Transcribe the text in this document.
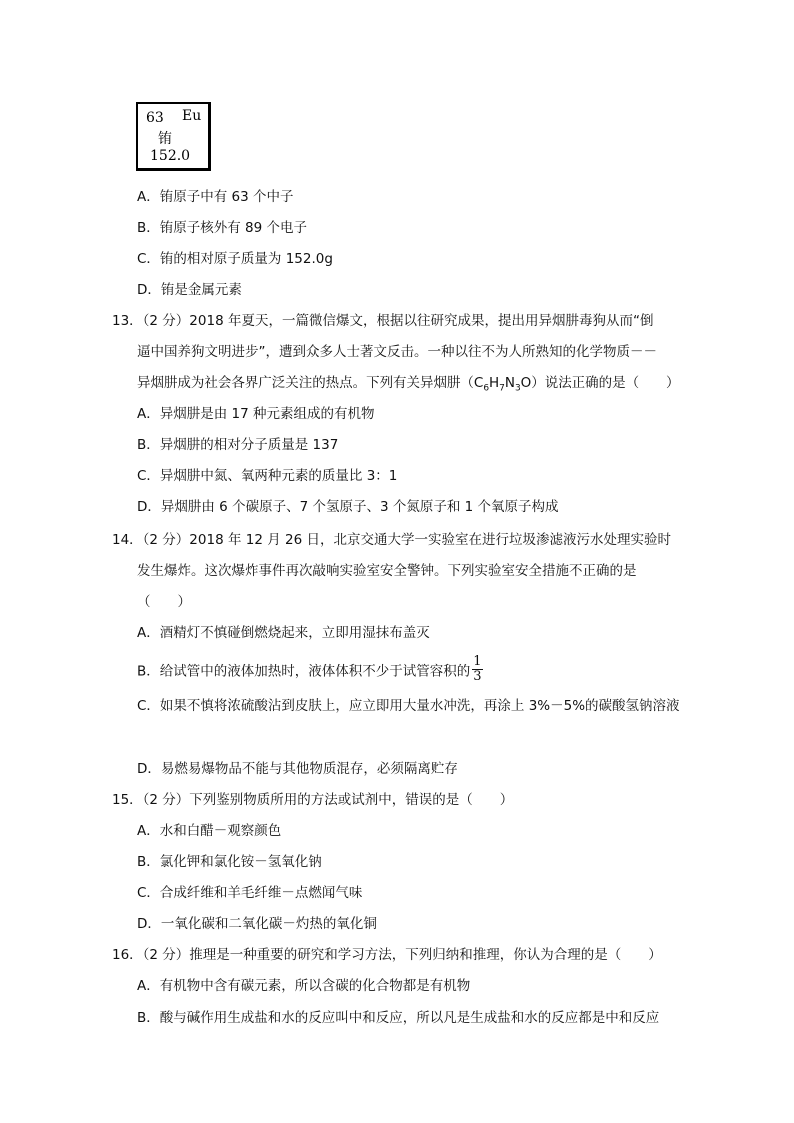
63 Eu
铕
152.0
A．铕原子中有 63 个中子
B．铕原子核外有 89 个电子
C．铕的相对原子质量为 152.0g
D．铕是金属元素
13．（2 分）2018 年夏天，一篇微信爆文，根据以往研究成果，提出用异烟肼毒狗从而“倒
逼中国养狗文明进步”，遭到众多人士著文反击。一种以往不为人所熟知的化学物质－－
异烟肼成为社会各界广泛关注的热点。下列有关异烟肼$(C_6H_7N_3O)$说法正确的是（　　）
A．异烟肼是由 17 种元素组成的有机物
B．异烟肼的相对分子质量是 137
C．异烟肼中氮、氧两种元素的质量比 3：1
D．异烟肼由 6 个碳原子、7 个氢原子、3 个氮原子和 1 个氧原子构成
14．（2 分）2018 年 12 月 26 日，北京交通大学一实验室在进行垃圾渗滤液污水处理实验时
发生爆炸。这次爆炸事件再次敲响实验室安全警钟。下列实验室安全措施不正确的是
（　　）
A．酒精灯不慎碰倒燃烧起来，立即用湿抹布盖灭
B．给试管中的液体加热时，液体体积不少于试管容积的 $\frac{1}{3}$
C．如果不慎将浓硫酸沾到皮肤上，应立即用大量水冲洗，再涂上 3%－5%的碳酸氢钠溶液
D．易燃易爆物品不能与其他物质混存，必须隔离贮存
15．（2 分）下列鉴别物质所用的方法或试剂中，错误的是（　　）
A．水和白醋－观察颜色
B．氯化钾和氯化铵－氢氧化钠
C．合成纤维和羊毛纤维－点燃闻气味
D．一氧化碳和二氧化碳－灼热的氧化铜
16．（2 分）推理是一种重要的研究和学习方法，下列归纳和推理，你认为合理的是（　　）
A．有机物中含有碳元素，所以含碳的化合物都是有机物
B．酸与碱作用生成盐和水的反应叫中和反应，所以凡是生成盐和水的反应都是中和反应
